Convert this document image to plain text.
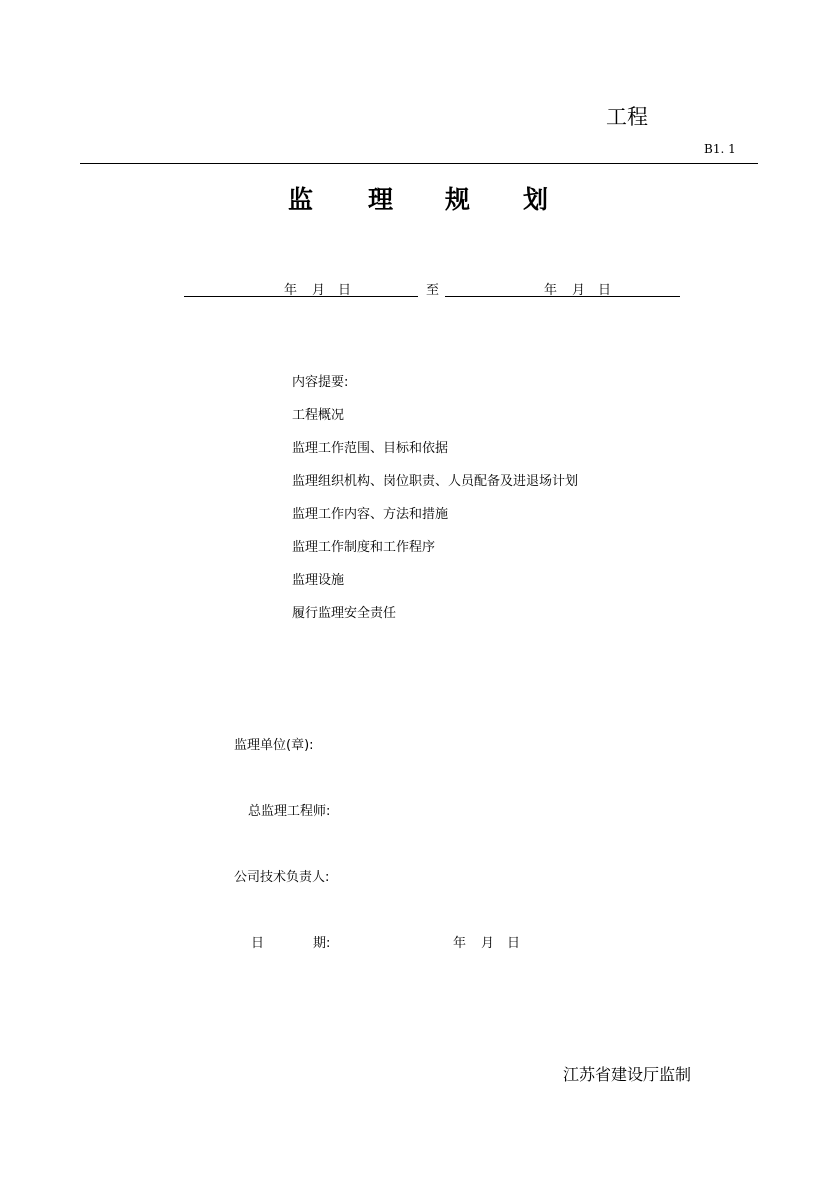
工程
B1. 1
监 理 规 划
年 月 日	至	年 月 日
内容提要:
工程概况
监理工作范围、目标和依据
监理组织机构、岗位职责、人员配备及进退场计划
监理工作内容、方法和措施
监理工作制度和工作程序
监理设施
履行监理安全责任
监理单位(章):
总监理工程师:
公司技术负责人:
日	期:	年 月 日
江苏省建设厅监制
